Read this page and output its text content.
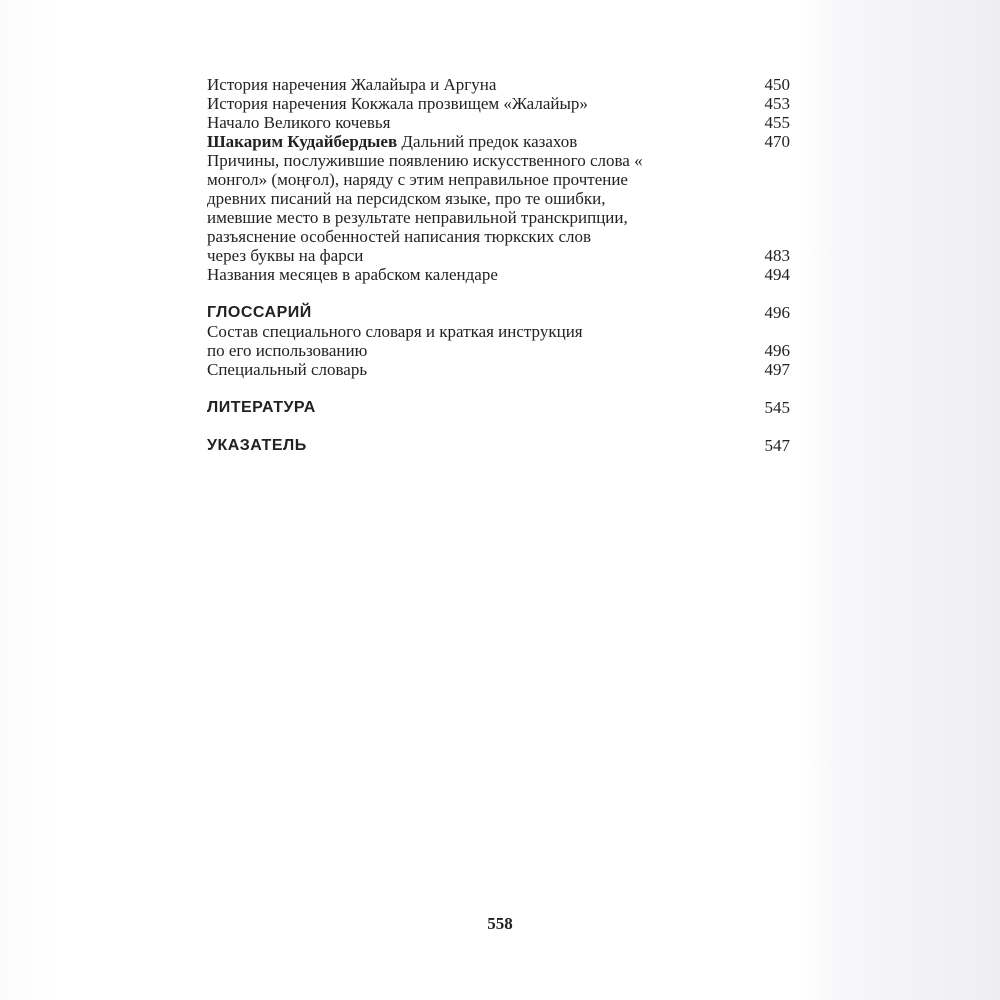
История наречения Жалайыра и Аргуна	450
История наречения Кокжала прозвищем «Жалайыр»	453
Начало Великого кочевья	455
Шакарим Кудайбердыев Дальний предок казахов	470
Причины, послужившие появлению искусственного слова «
монгол» (моңғол), наряду с этим неправильное прочтение
древних писаний на персидском языке, про те ошибки,
имевшие место в результате неправильной транскрипции,
разъяснение особенностей написания тюркских слов
через буквы на фарси	483
Названия месяцев в арабском календаре	494
ГЛОССАРИЙ	496
Состав специального словаря и краткая инструкция
по его использованию	496
Специальный словарь	497
ЛИТЕРАТУРА	545
УКАЗАТЕЛЬ	547
558
